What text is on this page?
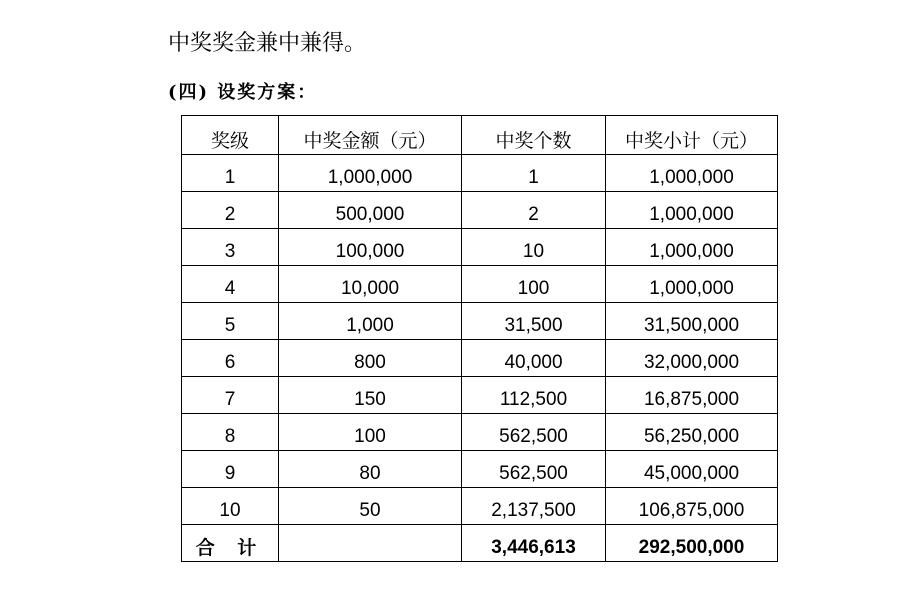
中奖奖金兼中兼得。
(四) 设奖方案：
奖级	中奖金额（元）	中奖个数	中奖小计（元）
1	1,000,000	1	1,000,000
2	500,000	2	1,000,000
3	100,000	10	1,000,000
4	10,000	100	1,000,000
5	1,000	31,500	31,500,000
6	800	40,000	32,000,000
7	150	112,500	16,875,000
8	100	562,500	56,250,000
9	80	562,500	45,000,000
10	50	2,137,500	106,875,000
合 计		3,446,613	292,500,000
